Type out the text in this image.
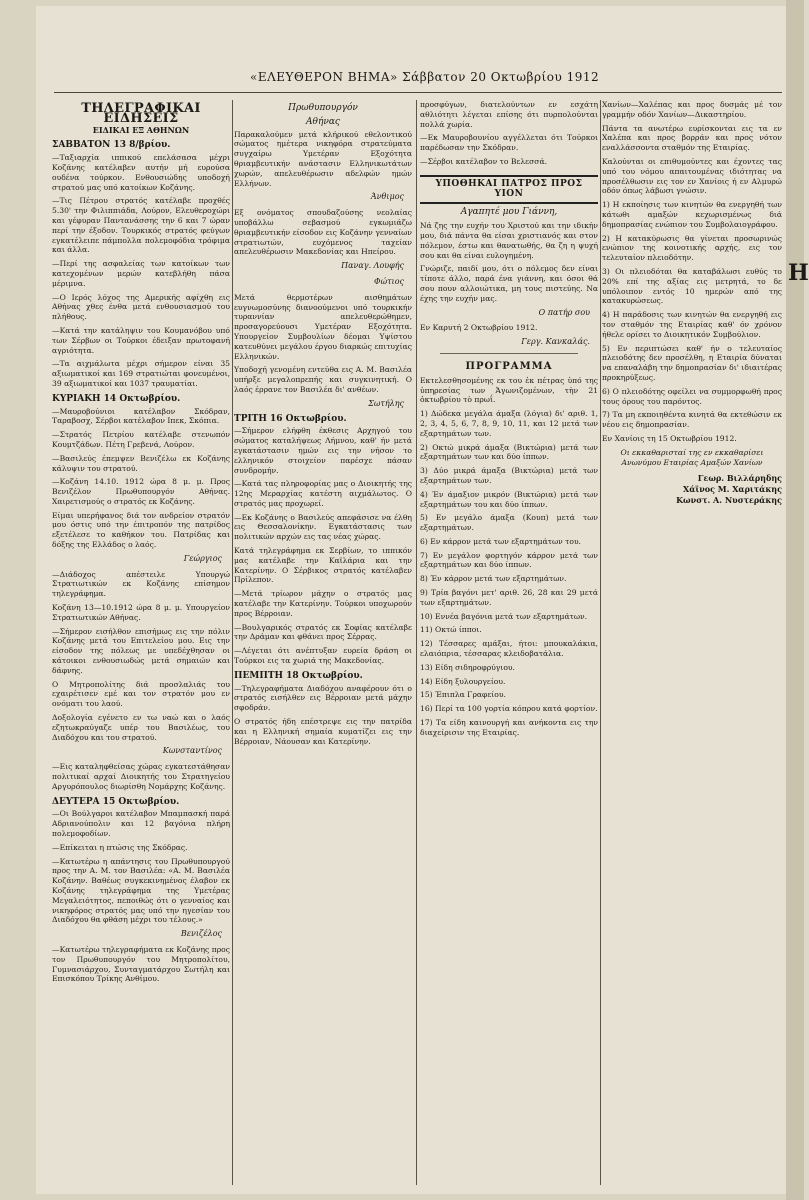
«ΕΛΕΥΘΕΡΟΝ ΒΗΜΑ» Σάββατον 20 Οκτωβρίου 1912
ΤΗΛΕΓΡΑΦΙΚΑΙ ΕΙΔΗΣΕΙΣ
ΕΙΔΙΚΑΙ ΕΞ ΑΘΗΝΩΝ
ΣΑΒΒΑΤΟΝ 13 8/βρίου.
—Ταξιαρχία ιππικού επελάσασα μέχρι Κοζάνης κατέλαβεν αυτήν μή ευρούσα ουδένα τούρκον. Ενθουσιώδης υποδοχή στρατού μας υπό κατοίκων Κοζάνης.
—Τις Πέτρου στρατός κατέλαβε προχθές 5.30' την Φιλιππιάδα, Λούρον, Ελευθεροχώρι και γέφυραν Παντανάσσης την 6 και 7 ώραν περί την έξοδον. Τουρκικός στρατός φεύγων εγκατέλειπε πάμπολλα πολεμοφόδια τρόφιμα και άλλα.
—Περί της ασφαλείας των κατοίκων των κατεχομένων μερών κατεβλήθη πάσα μέριμνα.
—Ο Ιερός λόχος της Αμερικής αφίχθη εις Αθήνας χθες ένθα μετά ενθουσιασμού του πλήθους.
—Κατά την κατάληψιν του Κουμανόβου υπό των Σέρβων οι Τούρκοι έδειξαν πρωτοφανή αγριότητα.
—Τα αιχμάλωτα μέχρι σήμερον είναι 35 αξιωματικοί και 169 στρατιώται φονευμένοι, 39 αξιωματικοί και 1037 τραυματίαι.
ΚΥΡΙΑΚΗ 14 Οκτωβρίου.
—Μαυροβούνιοι κατέλαβον Σκόδραν, Ταραβοσχ, Σέρβοι κατέλαβον Ιπεκ, Σκόπια.
—Στρατός Πετρίου κατέλαβε στενωπόν Κουμτζάδων. Πέτη Γρεβενά, Λούρον.
—Βασιλεύς έπεμψεν Βενιζέλω εκ Κοζάνης κάλυψιν του στρατού.
—Κοζάνη 14.10. 1912 ώρα 8 μ. μ. Προς Βενιζέλον Πρωθυπουργόν Αθήνας. Χαιρετισμούς ο στρατός εκ Κοζάνης.
Είμαι υπερήφανος διά τον ανδρείον στρατόν μου όστις υπό την έπιτροπόν της πατρίδος εξετέλεσε το καθήκον του. Πατρίδας και δόξης της Ελλάδος ο λαός.
Γεώργιος
—Διάδοχος απέστειλε Υπουργώ Στρατιωτικών εκ Κοζάνης επίσημον τηλεγράφημα.
Κοζάνη 13—10.1912 ώρα 8 μ. μ. Υπουργείον Στρατιωτικών Αθήνας.
—Σήμερον εισήλθον επισήμως εις την πόλιν Κοζάνης μετά του Επιτελείου μου. Εις την είσοδον της πόλεως με υπεδέχθησαν οι κάτοικοι ενθουσιωδώς μετά σημαιών και δάφνης.
Ο Μητροπολίτης διά προσλαλιάς του εχαιρέτισεν εμέ και τον στρατόν μου εν ονόματι του λαού.
Δοξολογία εγένετο εν τω ναώ και ο λαός εζητωκραύγαζε υπέρ του Βασιλέως, του Διαδόχου και του στρατού.
Κωνσταντίνος
—Εις καταληφθείσας χώρας εγκατεστάθησαν πολιτικαί αρχαί Διοικητής του Στρατηγείου Αργυρόπουλος διωρίσθη Νομάρχης Κοζάνης.
ΔΕΥΤΕΡΑ 15 Οκτωβρίου.
—Οι Βούλγαροι κατέλαβον Μπαμπασκή παρά Αδριανούπολιν και 12 βαγόνια πλήρη πολεμοφοδίων.
—Επίκειται η πτώσις της Σκόδρας.
—Κατωτέρω η απάντησις του Πρωθυπουργού προς την Α. Μ. τον Βασιλέα: «Α. Μ. Βασιλέα Κοζάνην. Βαθέως συγκεκινημένος έλαβον εκ Κοζάνης τηλεγράφημα της Υμετέρας Μεγαλειότητος, πεποιθώς ότι ο γενναίος και νικηφόρος στρατός μας υπό την ηγεσίαν του Διαδόχου θα φθάση μέχρι του τέλους.»
Βενιζέλος
—Κατωτέρω τηλεγραφήματα εκ Κοζάνης προς τον Πρωθυπουργόν του Μητροπολίτου, Γυμνασιάρχου, Συνταγματάρχου Σωτήλη και Επισκόπου Τρίκης Ανθίμου.
Πρωθυπουργόν
Αθήνας
Παρακαλούμεν μετά κλήρικού εθελοντικού σώματος ημέτερα νικηφόρα στρατεύματα συγχαίρω Υμετέραν Εξοχότητα θριαμβευτικήν ανάστασιν Ελληνικωτάτων χωρών, απελευθέρωσιν αδελφών ημών Ελλήνων.
Άνθιμος
Εξ ονόματος σπουδαζούσης νεολαίας υποβάλλω σεβασμού εγκωμιάζω θριαμβευτικήν είσοδον εις Κοζάνην γενναίων στρατιωτών, ευχόμενος ταχείαν απελευθέρωσιν Μακεδονίας και Ηπείρου.
Παναγ. Λουφής
Φώτιος
Μετά θερμοτέρων αισθημάτων ευγνωμοσύνης διανοούμενοι υπό τουρκικήν τυραννίαν απελευθερώθημεν, προσαγορεύουσι Υμετέραν Εξοχότητα. Υπουργείον Συμβουλίων δέομαι Υψίστου κατευθύνει μεγάλου έργου διαρκώς επιτυχίας Ελληνικών.
Υποδοχή γενομένη εντεύθα εις Α. Μ. Βασιλέα υπήρξε μεγαλοπρεπής και συγκινητική. Ο λαός έρρανε τον Βασιλέα δι' ανθέων.
Σωτήλης
ΤΡΙΤΗ 16 Οκτωβρίου.
—Σήμερον ελήφθη έκθεσις Αρχηγού του σώματος καταλήψεως Λήμνου, καθ' ήν μετά εγκατάστασιν ημών εις την νήσον το ελληνικόν στοιχείον παρέσχε πάσαν συνδρομήν.
—Κατά τας πληροφορίας μας ο Διοικητής της 12ης Μεραρχίας κατέστη αιχμάλωτος. Ο στρατός μας προχωρεί.
—Εκ Κοζάνης ο Βασιλεύς απεφάσισε να έλθη εις Θεσσαλονίκην. Εγκατάστασις των πολιτικών αρχών εις τας νέας χώρας.
Κατά τηλεγράφημα εκ Σερβίων, το ιππικόν μας κατέλαβε την Καϊλάρια και την Κατερίνην. Ο Σέρβικος στρατός κατέλαβεν Πρίλεπον.
—Μετά τρίωρον μάχην ο στρατός μας κατέλαβε την Κατερίνην. Τούρκοι υποχωρούν προς Βέρροιαν.
—Βουλγαρικός στρατός εκ Σοφίας κατέλαβε την Δράμαν και φθάνει προς Σέρρας.
—Λέγεται ότι ανέπτυξαν ευρεία δράση οι Τούρκοι εις τα χωριά της Μακεδονίας.
ΠΕΜΠΤΗ 18 Οκτωβρίου.
—Τηλεγραφήματα Διαδόχου αναφέρουν ότι ο στρατός εισήλθεν εις Βέρροιαν μετά μάχην σφοδράν.
Ο στρατός ήδη επέστρεψε εις την πατρίδα και η Ελληνική σημαία κυματίζει εις την Βέρροιαν, Νάουσαν και Κατερίνην.
προσφύγων, διατελούντων εν εσχάτη αθλιότητι λέγεται επίσης ότι πυρπολούνται πολλά χωρία.
—Εκ Μαυροβουνίου αγγέλλεται ότι Τούρκοι παρέδωσαν την Σκόδραν.
—Σέρβοι κατέλαβον το Βελεσσά.
ΥΠΟΘΗΚΑΙ ΠΑΤΡΟΣ ΠΡΟΣ ΥΙΟΝ
Αγαπητέ μου Γιάννη,
Νά ζης την ευχήν του Χριστού και την ιδικήν μου, διά πάντα θα είσαι χριστιανός και στον πόλεμον, έστω και θανατωθής, θα ζη η ψυχή σου και θα είναι ευλογημένη.
Γνώριζε, παιδί μου, ότι ο πόλεμος δεν είναι τίποτε άλλο, παρά ένα γιάννη, και όσοι θά σου πουν αλλοιώτικα, μη τους πιστεύης. Να έχης την ευχήν μας.
Ο πατήρ σου
Εν Καρυτή 2 Οκτωβρίου 1912.
Γεργ. Κανκαλάς.
ΠΡΟΓΡΑΜΜΑ
Εκτελεσθησομένης εκ του ἐκ πέτρας ὑπό της ὑπηρεσίας των Ἀγωνιζομένων, τὴν 21 ὀκτωβρίου τὸ πρωΐ.
1) Δώδεκα μεγάλα άμαξα (λόγια) δι' αριθ. 1, 2, 3, 4, 5, 6, 7, 8, 9, 10, 11, και 12 μετά των εξαρτημάτων των.
2) Οκτώ μικρά άμαξα (Βικτώρια) μετά των εξαρτημάτων των και δύο ίππων.
3) Δύο μικρά άμαξα (Βικτώρια) μετά των εξαρτημάτων των.
4) Έν άμαξιον μικρόν (Βικτώρια) μετά των εξαρτημάτων του και δύο ίππων.
5) Εν μεγάλο άμαξα (Κουπ) μετά των εξαρτημάτων.
6) Εν κάρρον μετά των εξαρτημάτων του.
7) Εν μεγάλον φορτηγόν κάρρον μετά των εξαρτημάτων και δύο ίππων.
8) Έν κάρρον μετά των εξαρτημάτων.
9) Τρία βαγόνι μετ' αριθ. 26, 28 και 29 μετά των εξαρτημάτων.
10) Εννέα βαγόνια μετά των εξαρτημάτων.
11) Οκτώ ίπποι.
12) Τέσσαρες αμάξαι, ήτοι: μπουκαλάκια, ελαιόπρια, τέσσαρας κλειδοβατάλια.
13) Είδη σιδηροφρύγιου.
14) Είδη ξυλουργείου.
15) Έπιπλα Γραφείου.
16) Περί τα 100 γορτία κόπρου κατά φορτίον.
17) Τα είδη καινουργή και ανήκοντα εις την διαχείρισιν της Εταιρίας.
Χανίων—Χαλέπας και προς δυσμάς μέ τον γραμμήν οδόν Χανίων—Δικαστηρίου.
Πάντα τα ανωτέρω ευρίσκονται εις τα εν Χαλέπα και προς βορράν και προς νότον εναλλάσσοντα σταθμόν της Εταιρίας.
Καλούνται οι επιθυμούντες και έχοντες τας υπό του νόμου απαιτουμένας ιδιότητας να προσέλθωσιν εις τον εν Χανίοις ή εν Αλμυρώ οδόν όπως λάβωσι γνώσιν.
1) Η εκποίησις των κινητών θα ενεργηθή των κάτωθι αμαξών κεχωρισμένως διά δημοπρασίας ενώπιον του Συμβολαιογράφου.
2) Η κατακύρωσις θα γίνεται προσωρινώς ενώπιον της κοινοτικής αρχής, εις τον τελευταίον πλειοδότην.
3) Οι πλειοδόται θα καταβάλωσι ευθύς το 20% επί της αξίας εις μετρητά, το δε υπόλοιπον εντός 10 ημερών από της κατακυρώσεως.
4) Η παράδοσις των κινητών θα ενεργηθή εις τον σταθμόν της Εταιρίας καθ' όν χρόνον ήθελε ορίσει το Διοικητικόν Συμβούλιον.
5) Εν περιπτώσει καθ' ήν ο τελευταίος πλειοδότης δεν προσέλθη, η Εταιρία δύναται να επαναλάβη την δημοπρασίαν δι' ιδιαιτέρας προκηρύξεως.
6) Ο πλειοδότης οφείλει να συμμορφωθή προς τους όρους του παρόντος.
7) Τα μη εκποιηθέντα κινητά θα εκτεθώσιν εκ νέου εις δημοπρασίαν.
Εν Χανίοις τη 15 Οκτωβρίου 1912.
Οι εκκαθαρισταί της εν εκκαθαρίσει Ανωνύμου Εταιρίας Αμαξών Χανίων
Γεωρ. Βιλλάρηδης
Χάϊνος Μ. Χαριτάκης
Κωνστ. Α. Νυστεράκης
Η
